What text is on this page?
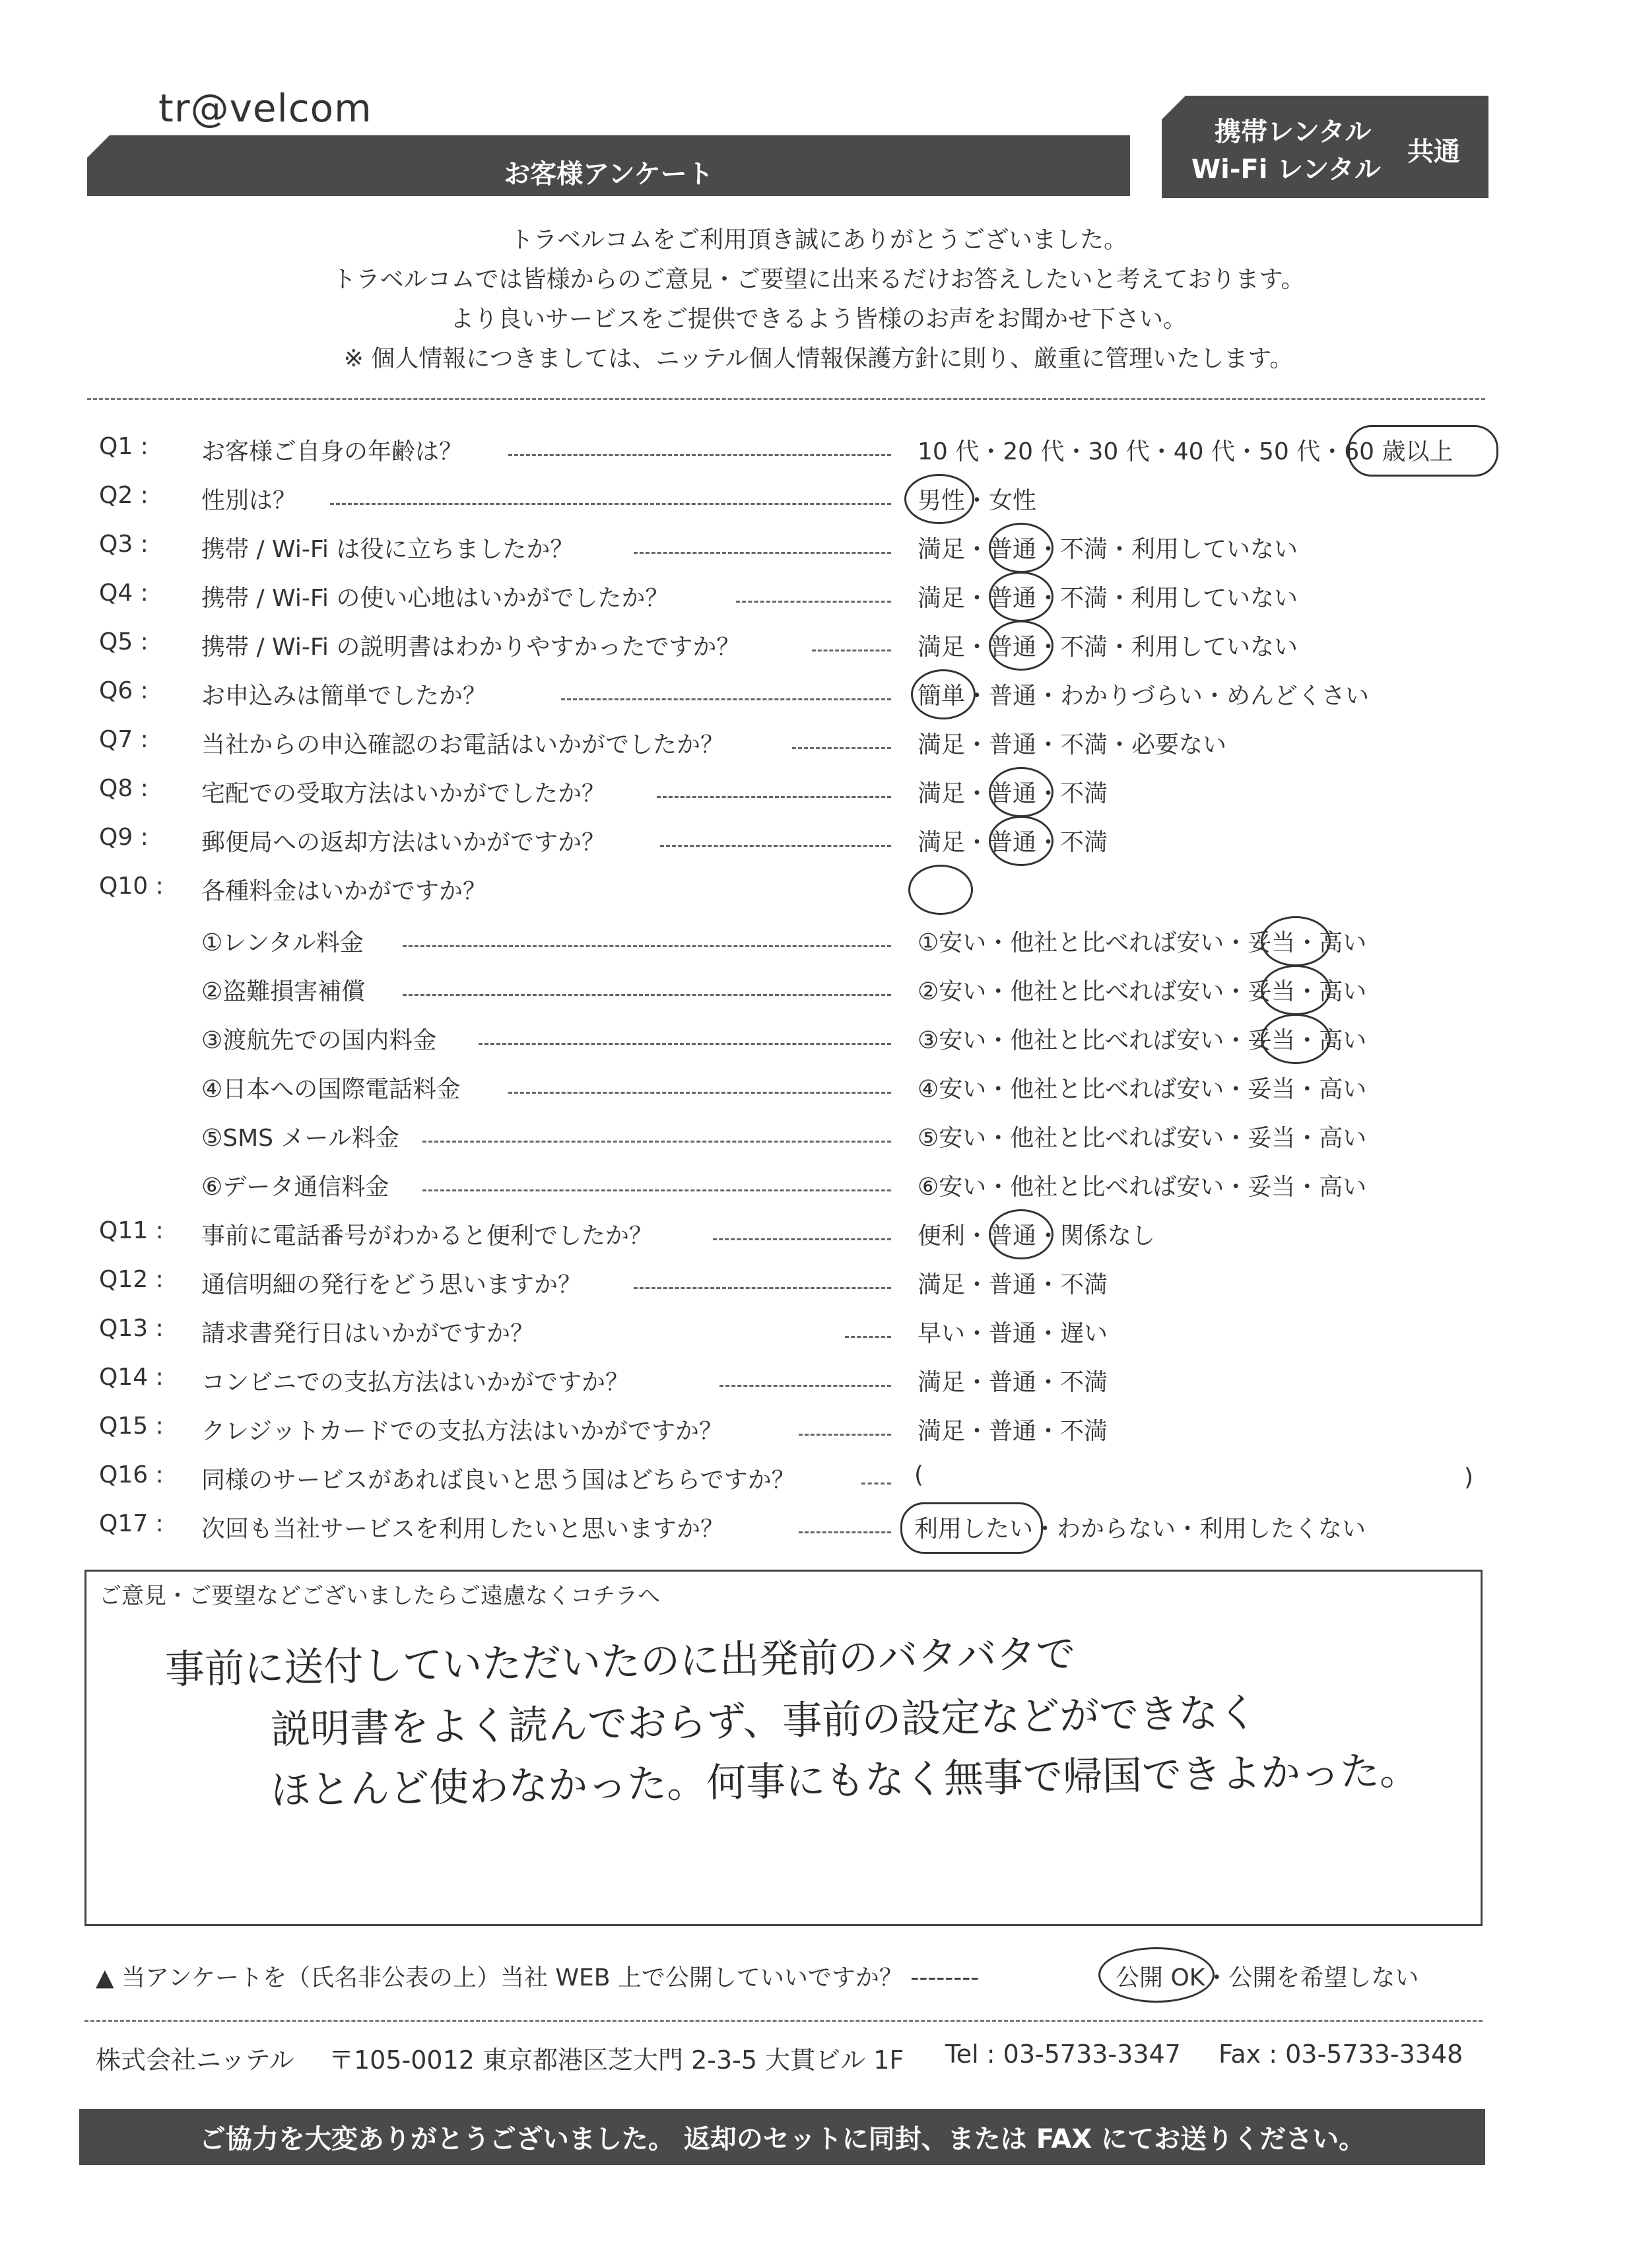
tr@velcom
お客様アンケート
携帯レンタル
Wi-Fi レンタル
共通
トラベルコムをご利用頂き誠にありがとうございました。
トラベルコムでは皆様からのご意見・ご要望に出来るだけお答えしたいと考えております。
より良いサービスをご提供できるよう皆様のお声をお聞かせ下さい。
※ 個人情報につきましては、ニッテル個人情報保護方針に則り、厳重に管理いたします。
Q1 : お客様ご自身の年齢は？	10 代・20 代・30 代・40 代・50 代・60 歳以上
Q2 : 性別は？	男性・女性
Q3 : 携帯 / Wi-Fi は役に立ちましたか？	満足・普通・不満・利用していない
Q4 : 携帯 / Wi-Fi の使い心地はいかがでしたか？	満足・普通・不満・利用していない
Q5 : 携帯 / Wi-Fi の説明書はわかりやすかったですか？	満足・普通・不満・利用していない
Q6 : お申込みは簡単でしたか？	簡単・普通・わかりづらい・めんどくさい
Q7 : 当社からの申込確認のお電話はいかがでしたか？	満足・普通・不満・必要ない
Q8 : 宅配での受取方法はいかがでしたか？	満足・普通・不満
Q9 : 郵便局への返却方法はいかがですか？	満足・普通・不満
Q10 : 各種料金はいかがですか？
①レンタル料金	①安い・他社と比べれば安い・妥当・高い
②盗難損害補償	②安い・他社と比べれば安い・妥当・高い
③渡航先での国内料金	③安い・他社と比べれば安い・妥当・高い
④日本への国際電話料金	④安い・他社と比べれば安い・妥当・高い
⑤SMS メール料金	⑤安い・他社と比べれば安い・妥当・高い
⑥データ通信料金	⑥安い・他社と比べれば安い・妥当・高い
Q11 : 事前に電話番号がわかると便利でしたか？	便利・普通・関係なし
Q12 : 通信明細の発行をどう思いますか？	満足・普通・不満
Q13 : 請求書発行日はいかがですか？	早い・普通・遅い
Q14 : コンビニでの支払方法はいかがですか？	満足・普通・不満
Q15 : クレジットカードでの支払方法はいかがですか？	満足・普通・不満
Q16 : 同様のサービスがあれば良いと思う国はどちらですか？	(	)
Q17 : 次回も当社サービスを利用したいと思いますか？	利用したい・わからない・利用したくない
ご意見・ご要望などございましたらご遠慮なくコチラへ
事前に送付していただいたのに出発前のバタバタで
説明書をよく読んでおらず、事前の設定などができなく
ほとんど使わなかった。何事にもなく無事で帰国できよかった。
▲ 当アンケートを（氏名非公表の上）当社 WEB 上で公開していいですか？ --------	公開 OK・公開を希望しない
株式会社ニッテル 〒105-0012 東京都港区芝大門 2-3-5 大貫ビル 1F Tel : 03-5733-3347 Fax : 03-5733-3348
ご協力を大変ありがとうございました。 返却のセットに同封、または FAX にてお送りください。
